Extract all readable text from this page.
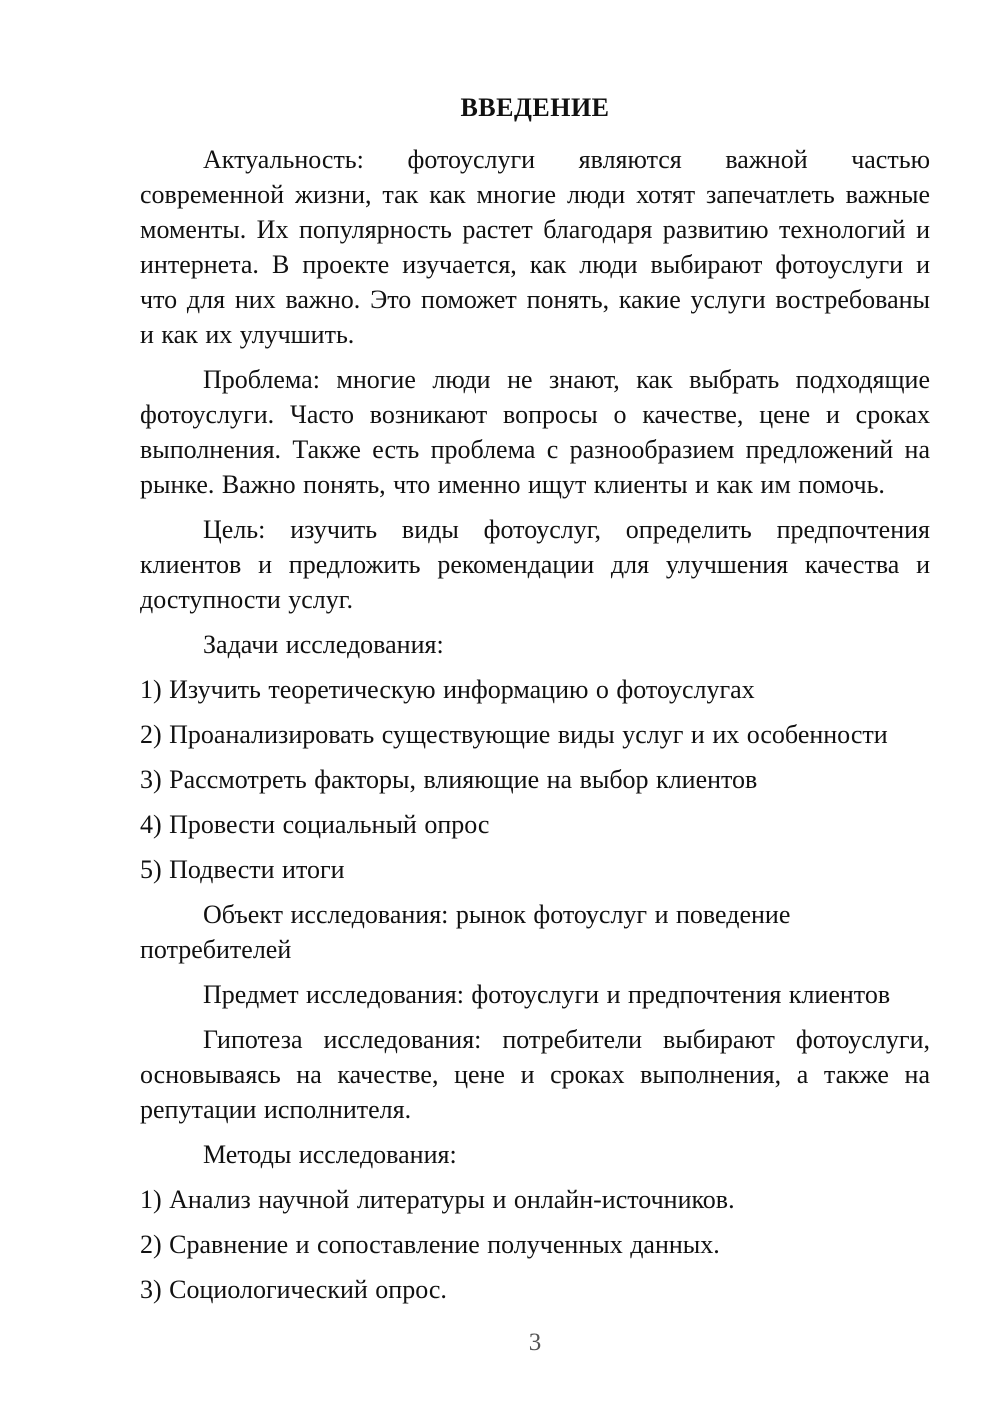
ВВЕДЕНИЕ

Актуальность: фотоуслуги являются важной частью современной жизни, так как многие люди хотят запечатлеть важные моменты. Их популярность растет благодаря развитию технологий и интернета. В проекте изучается, как люди выбирают фотоуслуги и что для них важно. Это поможет понять, какие услуги востребованы и как их улучшить.

Проблема: многие люди не знают, как выбрать подходящие фотоуслуги. Часто возникают вопросы о качестве, цене и сроках выполнения. Также есть проблема с разнообразием предложений на рынке. Важно понять, что именно ищут клиенты и как им помочь.

Цель: изучить виды фотоуслуг, определить предпочтения клиентов и предложить рекомендации для улучшения качества и доступности услуг.

Задачи исследования:

1) Изучить теоретическую информацию о фотоуслугах

2) Проанализировать существующие виды услуг и их особенности

3) Рассмотреть факторы, влияющие на выбор клиентов

4) Провести социальный опрос

5) Подвести итоги

Объект исследования: рынок фотоуслуг и поведение потребителей

Предмет исследования: фотоуслуги и предпочтения клиентов

Гипотеза исследования: потребители выбирают фотоуслуги, основываясь на качестве, цене и сроках выполнения, а также на репутации исполнителя.

Методы исследования:

1) Анализ научной литературы и онлайн-источников.

2) Сравнение и сопоставление полученных данных.

3) Социологический опрос.

3
